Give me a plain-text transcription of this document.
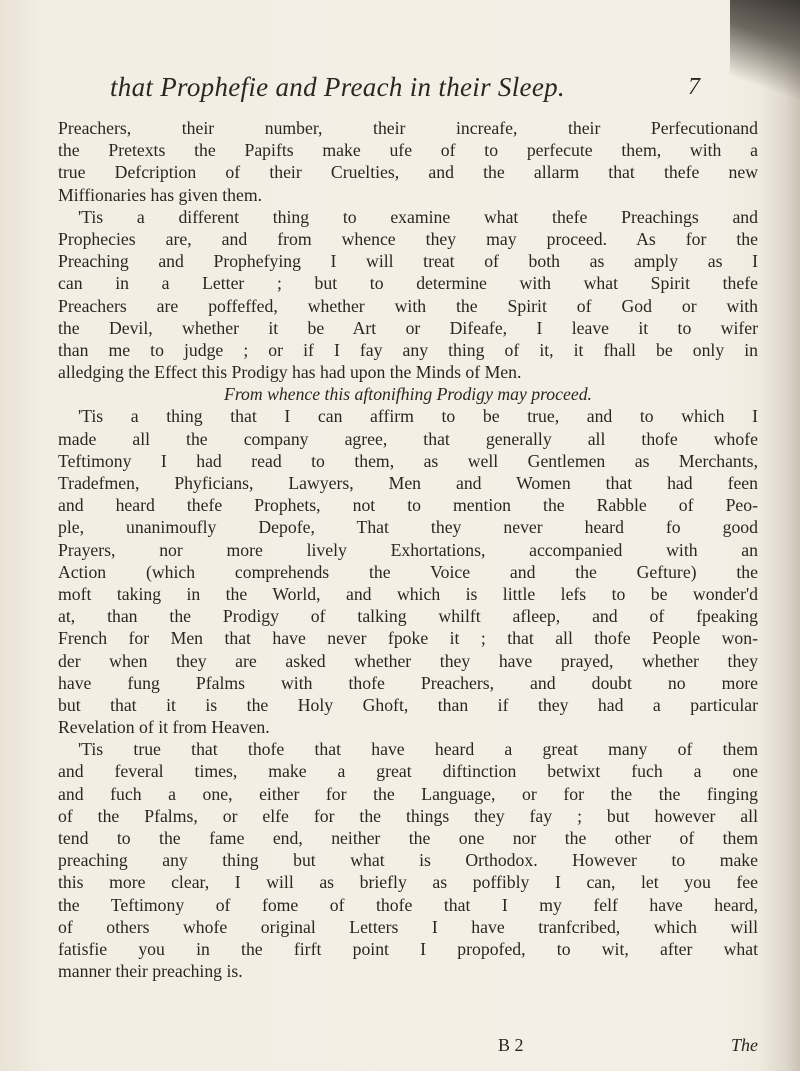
that Prophefie and Preach in their Sleep.	7
Preachers, their number, their increafe, their Perfecutionand
the Pretexts the Papifts make ufe of to perfecute them, with a
true Defcription of their Cruelties, and the allarm that thefe new
Miffionaries has given them.
'Tis a different thing to examine what thefe Preachings and
Prophecies are, and from whence they may proceed. As for the
Preaching and Prophefying I will treat of both as amply as I
can in a Letter ; but to determine with what Spirit thefe
Preachers are poffeffed, whether with the Spirit of God or with
the Devil, whether it be Art or Difeafe, I leave it to wifer
than me to judge ; or if I fay any thing of it, it fhall be only in
alledging the Effect this Prodigy has had upon the Minds of Men.
From whence this aftonifhing Prodigy may proceed.
'Tis a thing that I can affirm to be true, and to which I
made all the company agree, that generally all thofe whofe
Teftimony I had read to them, as well Gentlemen as Merchants,
Tradefmen, Phyficians, Lawyers, Men and Women that had feen
and heard thefe Prophets, not to mention the Rabble of Peo-
ple, unanimoufly Depofe, That they never heard fo good
Prayers, nor more lively Exhortations, accompanied with an
Action (which comprehends the Voice and the Gefture) the
moft taking in the World, and which is little lefs to be wonder'd
at, than the Prodigy of talking whilft afleep, and of fpeaking
French for Men that have never fpoke it ; that all thofe People won-
der when they are asked whether they have prayed, whether they
have fung Pfalms with thofe Preachers, and doubt no more
but that it is the Holy Ghoft, than if they had a particular
Revelation of it from Heaven.
'Tis true that thofe that have heard a great many of them
and feveral times, make a great diftinction betwixt fuch a one
and fuch a one, either for the Language, or for the the finging
of the Pfalms, or elfe for the things they fay ; but however all
tend to the fame end, neither the one nor the other of them
preaching any thing but what is Orthodox. However to make
this more clear, I will as briefly as poffibly I can, let you fee
the Teftimony of fome of thofe that I my felf have heard,
of others whofe original Letters I have tranfcribed, which will
fatisfie you in the firft point I propofed, to wit, after what
manner their preaching is.
B 2	The
